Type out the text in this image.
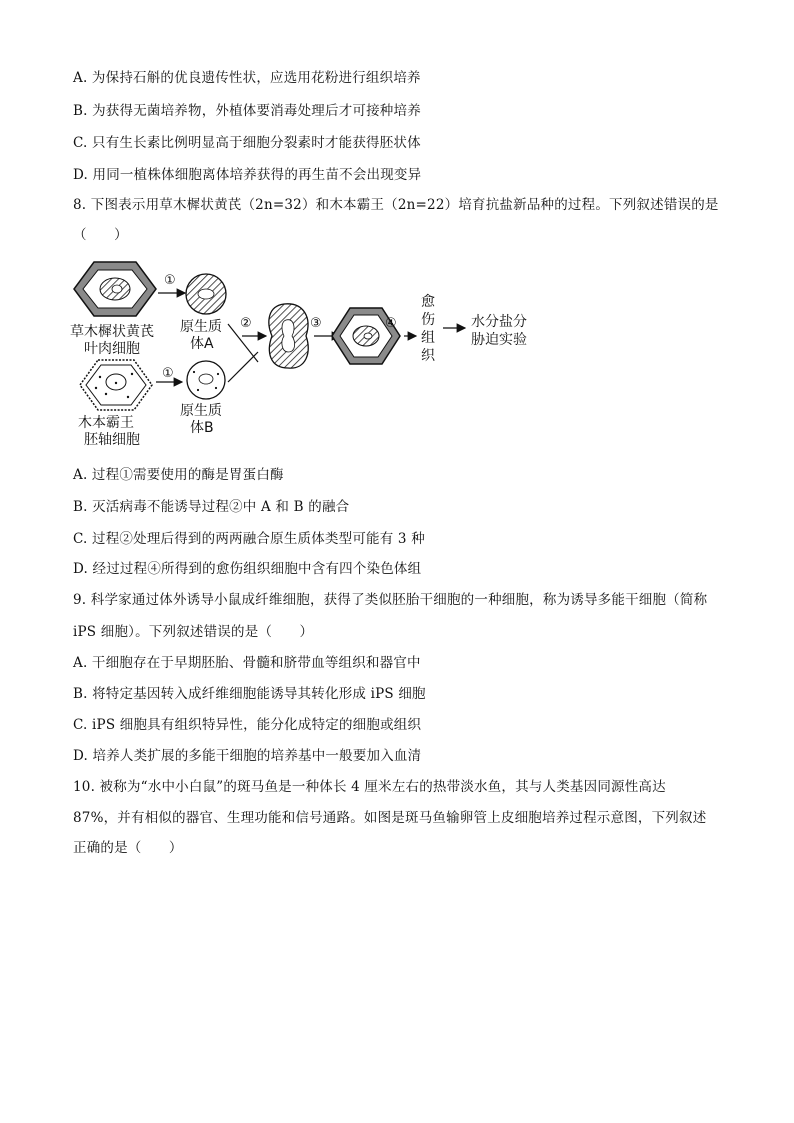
A. 为保持石斛的优良遗传性状，应选用花粉进行组织培养
B. 为获得无菌培养物，外植体要消毒处理后才可接种培养
C. 只有生长素比例明显高于细胞分裂素时才能获得胚状体
D. 用同一植株体细胞离体培养获得的再生苗不会出现变异
8. 下图表示用草木樨状黄芪（2n=32）和木本霸王（2n=22）培育抗盐新品种的过程。下列叙述错误的是
（　　）
①
草木樨状黄芪
叶肉细胞
原生质
体A
②	③	④
愈
伤
组
织
水分盐分
胁迫实验
①
木本霸王
胚轴细胞
原生质
体B
A. 过程①需要使用的酶是胃蛋白酶
B. 灭活病毒不能诱导过程②中 A 和 B 的融合
C. 过程②处理后得到的两两融合原生质体类型可能有 3 种
D. 经过过程④所得到的愈伤组织细胞中含有四个染色体组
9. 科学家通过体外诱导小鼠成纤维细胞，获得了类似胚胎干细胞的一种细胞，称为诱导多能干细胞（简称
iPS 细胞）。下列叙述错误的是（　　）
A. 干细胞存在于早期胚胎、骨髓和脐带血等组织和器官中
B. 将特定基因转入成纤维细胞能诱导其转化形成 iPS 细胞
C. iPS 细胞具有组织特异性，能分化成特定的细胞或组织
D. 培养人类扩展的多能干细胞的培养基中一般要加入血清
10. 被称为“水中小白鼠”的斑马鱼是一种体长 4 厘米左右的热带淡水鱼，其与人类基因同源性高达
87%，并有相似的器官、生理功能和信号通路。如图是斑马鱼输卵管上皮细胞培养过程示意图，下列叙述
正确的是（　　）
